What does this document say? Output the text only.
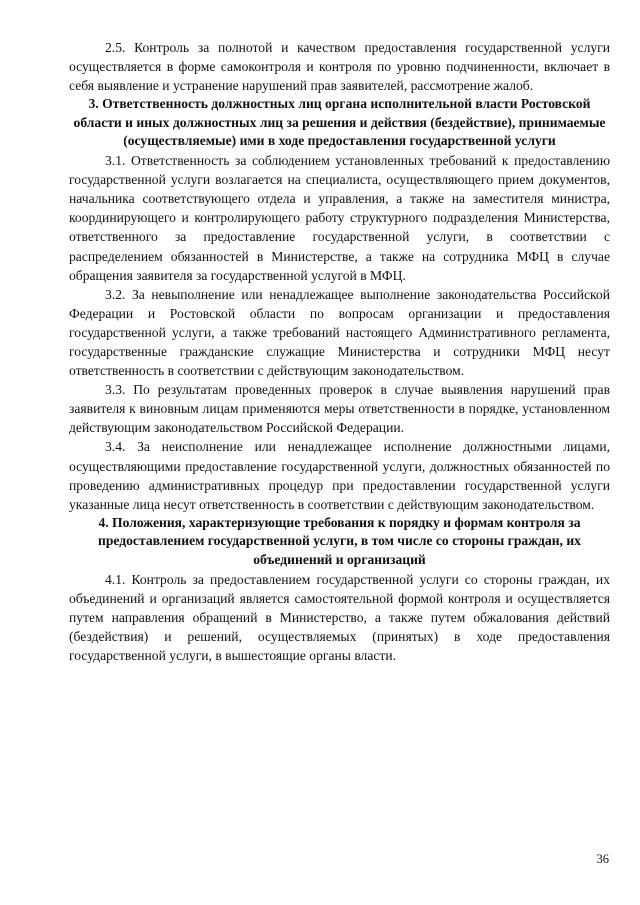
2.5. Контроль за полнотой и качеством предоставления государственной услуги осуществляется в форме самоконтроля и контроля по уровню подчиненности, включает в себя выявление и устранение нарушений прав заявителей, рассмотрение жалоб.

3. Ответственность должностных лиц органа исполнительной власти Ростовской области и иных должностных лиц за решения и действия (бездействие), принимаемые (осуществляемые) ими в ходе предоставления государственной услуги

3.1. Ответственность за соблюдением установленных требований к предоставлению государственной услуги возлагается на специалиста, осуществляющего прием документов, начальника соответствующего отдела и управления, а также на заместителя министра, координирующего и контролирующего работу структурного подразделения Министерства, ответственного за предоставление государственной услуги, в соответствии с распределением обязанностей в Министерстве, а также на сотрудника МФЦ в случае обращения заявителя за государственной услугой в МФЦ.

3.2. За невыполнение или ненадлежащее выполнение законодательства Российской Федерации и Ростовской области по вопросам организации и предоставления государственной услуги, а также требований настоящего Административного регламента, государственные гражданские служащие Министерства и сотрудники МФЦ несут ответственность в соответствии с действующим законодательством.

3.3. По результатам проведенных проверок в случае выявления нарушений прав заявителя к виновным лицам применяются меры ответственности в порядке, установленном действующим законодательством Российской Федерации.

3.4. За неисполнение или ненадлежащее исполнение должностными лицами, осуществляющими предоставление государственной услуги, должностных обязанностей по проведению административных процедур при предоставлении государственной услуги указанные лица несут ответственность в соответствии с действующим законодательством.

4. Положения, характеризующие требования к порядку и формам контроля за предоставлением государственной услуги, в том числе со стороны граждан, их объединений и организаций

4.1. Контроль за предоставлением государственной услуги со стороны граждан, их объединений и организаций является самостоятельной формой контроля и осуществляется путем направления обращений в Министерство, а также путем обжалования действий (бездействия) и решений, осуществляемых (принятых) в ходе предоставления государственной услуги, в вышестоящие органы власти.

36
